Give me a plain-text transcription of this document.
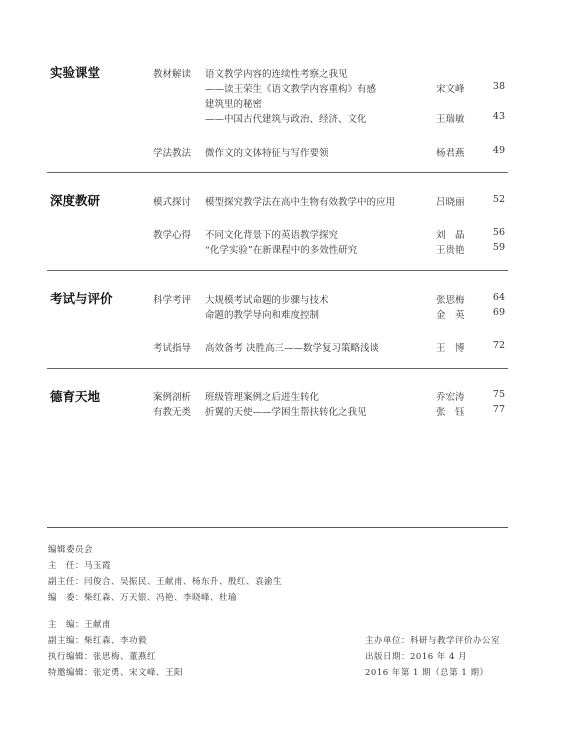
实验课堂	教材解读 语文教学内容的连续性考察之我见
——读王荣生《语文教学内容重构》有感	宋文峰	38
建筑里的秘密
——中国古代建筑与政治、经济、文化	王瑞敏	43
学法教法 微作文的文体特征与写作要领	杨君燕	49
深度教研	模式探讨 模型探究教学法在高中生物有效教学中的应用	吕晓丽	52
教学心得 不同文化背景下的英语教学探究	刘　晶	56
“化学实验”在新课程中的多效性研究	王贵艳	59
考试与评价	科学考评 大规模考试命题的步骤与技术	张思梅	64
命题的教学导向和难度控制	金　英	69
考试指导 高效备考 决胜高三——数学复习策略浅谈	王　博	72
德育天地	案例剖析 班级管理案例之后进生转化	乔宏涛	75
有教无类 折翼的天使——学困生帮扶转化之我见	张　钰	77
编辑委员会
主　任：马玉霞
副主任：闫俊合、吴振民、王献甫、杨东升、殷红、袁渝生
编　委：柴红森、万天银、冯艳、李晓峰、杜瑜
主　编：王献甫
副主编：柴红森、李功毅
执行编辑：张思梅、董燕红
特邀编辑：张定勇、宋文峰、王阳
主办单位：科研与教学评价办公室
出版日期：2016 年 4 月
2016 年第 1 期（总第 1 期）
